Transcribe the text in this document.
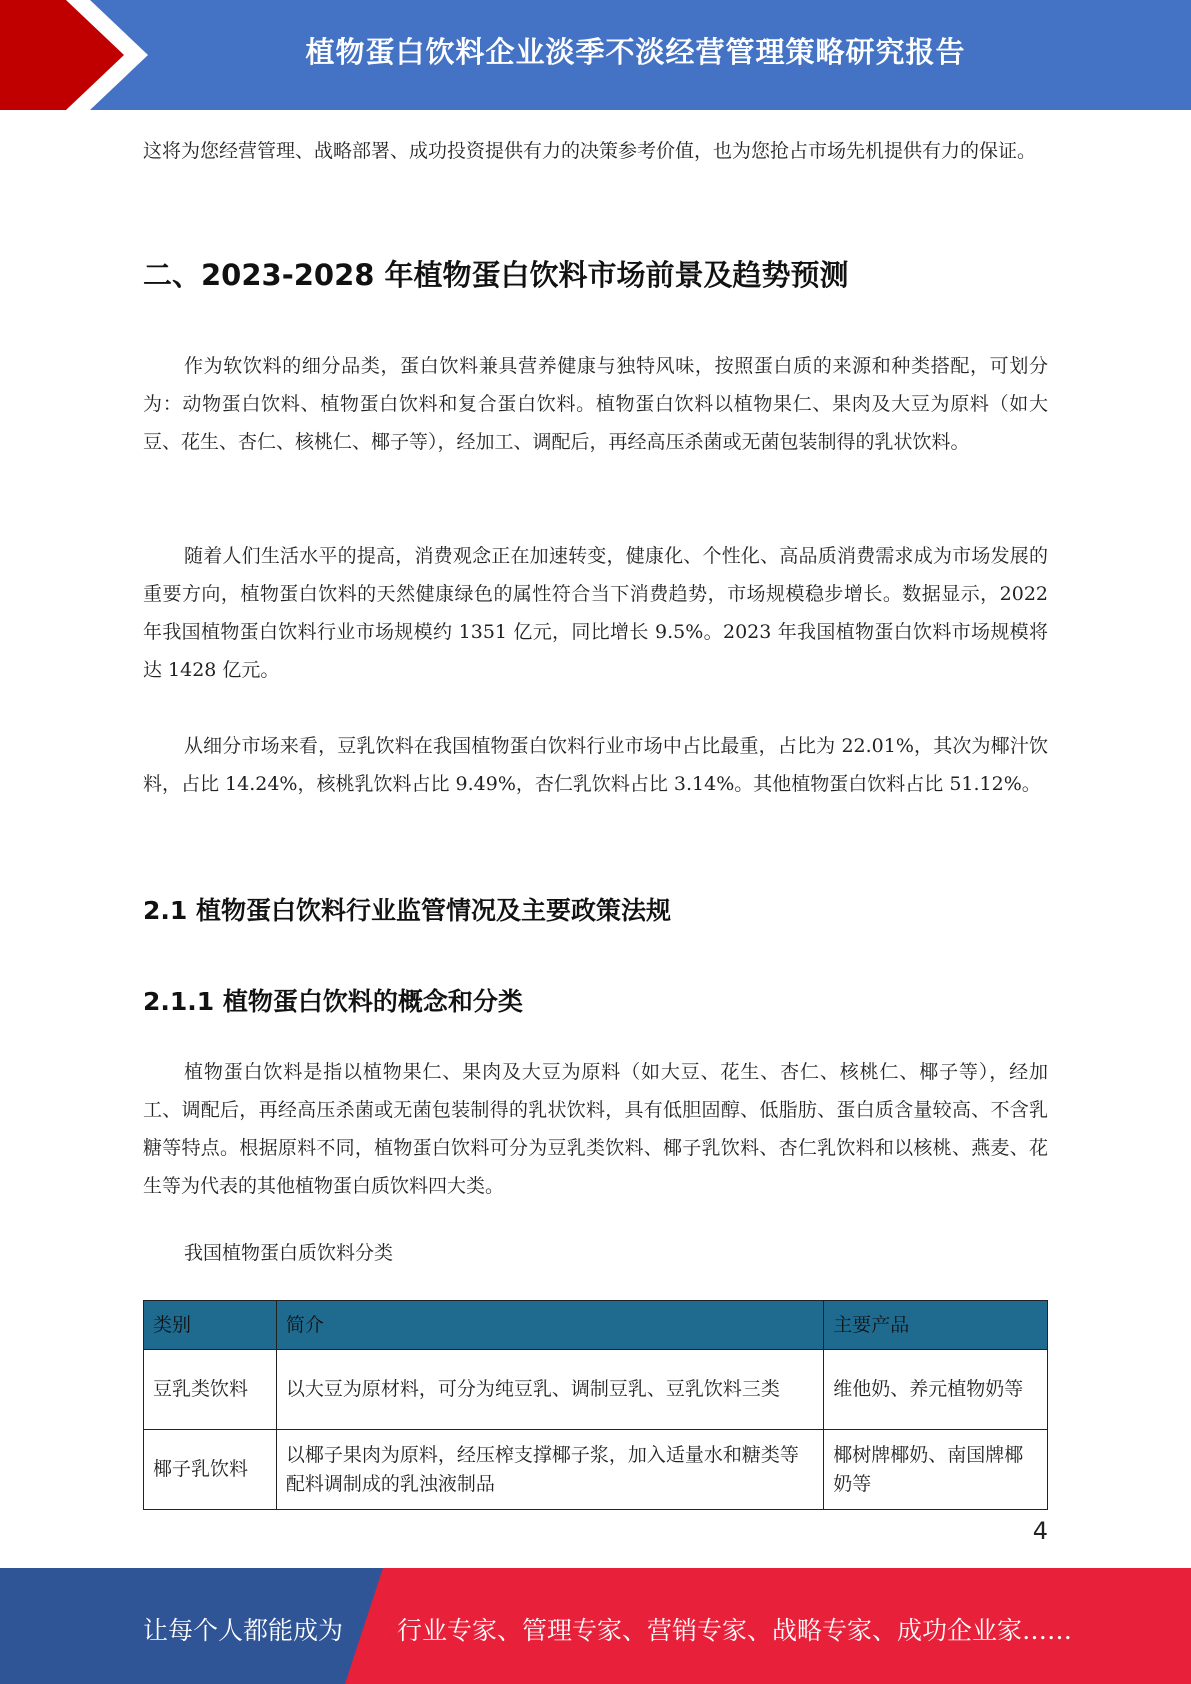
植物蛋白饮料企业淡季不淡经营管理策略研究报告

这将为您经营管理、战略部署、成功投资提供有力的决策参考价值，也为您抢占市场先机提供有力的保证。

二、2023-2028 年植物蛋白饮料市场前景及趋势预测

作为软饮料的细分品类，蛋白饮料兼具营养健康与独特风味，按照蛋白质的来源和种类搭配，可划分为：动物蛋白饮料、植物蛋白饮料和复合蛋白饮料。植物蛋白饮料以植物果仁、果肉及大豆为原料（如大豆、花生、杏仁、核桃仁、椰子等），经加工、调配后，再经高压杀菌或无菌包装制得的乳状饮料。

随着人们生活水平的提高，消费观念正在加速转变，健康化、个性化、高品质消费需求成为市场发展的重要方向，植物蛋白饮料的天然健康绿色的属性符合当下消费趋势，市场规模稳步增长。数据显示，2022 年我国植物蛋白饮料行业市场规模约 1351 亿元，同比增长 9.5%。2023 年我国植物蛋白饮料市场规模将达 1428 亿元。

从细分市场来看，豆乳饮料在我国植物蛋白饮料行业市场中占比最重，占比为 22.01%，其次为椰汁饮料，占比 14.24%，核桃乳饮料占比 9.49%，杏仁乳饮料占比 3.14%。其他植物蛋白饮料占比 51.12%。

2.1 植物蛋白饮料行业监管情况及主要政策法规
2.1.1 植物蛋白饮料的概念和分类

植物蛋白饮料是指以植物果仁、果肉及大豆为原料（如大豆、花生、杏仁、核桃仁、椰子等），经加工、调配后，再经高压杀菌或无菌包装制得的乳状饮料，具有低胆固醇、低脂肪、蛋白质含量较高、不含乳糖等特点。根据原料不同，植物蛋白饮料可分为豆乳类饮料、椰子乳饮料、杏仁乳饮料和以核桃、燕麦、花生等为代表的其他植物蛋白质饮料四大类。

我国植物蛋白质饮料分类

类别	简介	主要产品
豆乳类饮料	以大豆为原材料，可分为纯豆乳、调制豆乳、豆乳饮料三类	维他奶、养元植物奶等
椰子乳饮料	以椰子果肉为原料，经压榨支撑椰子浆，加入适量水和糖类等配料调制成的乳浊液制品	椰树牌椰奶、南国牌椰奶等
4
让每个人都能成为 行业专家、管理专家、营销专家、战略专家、成功企业家……
